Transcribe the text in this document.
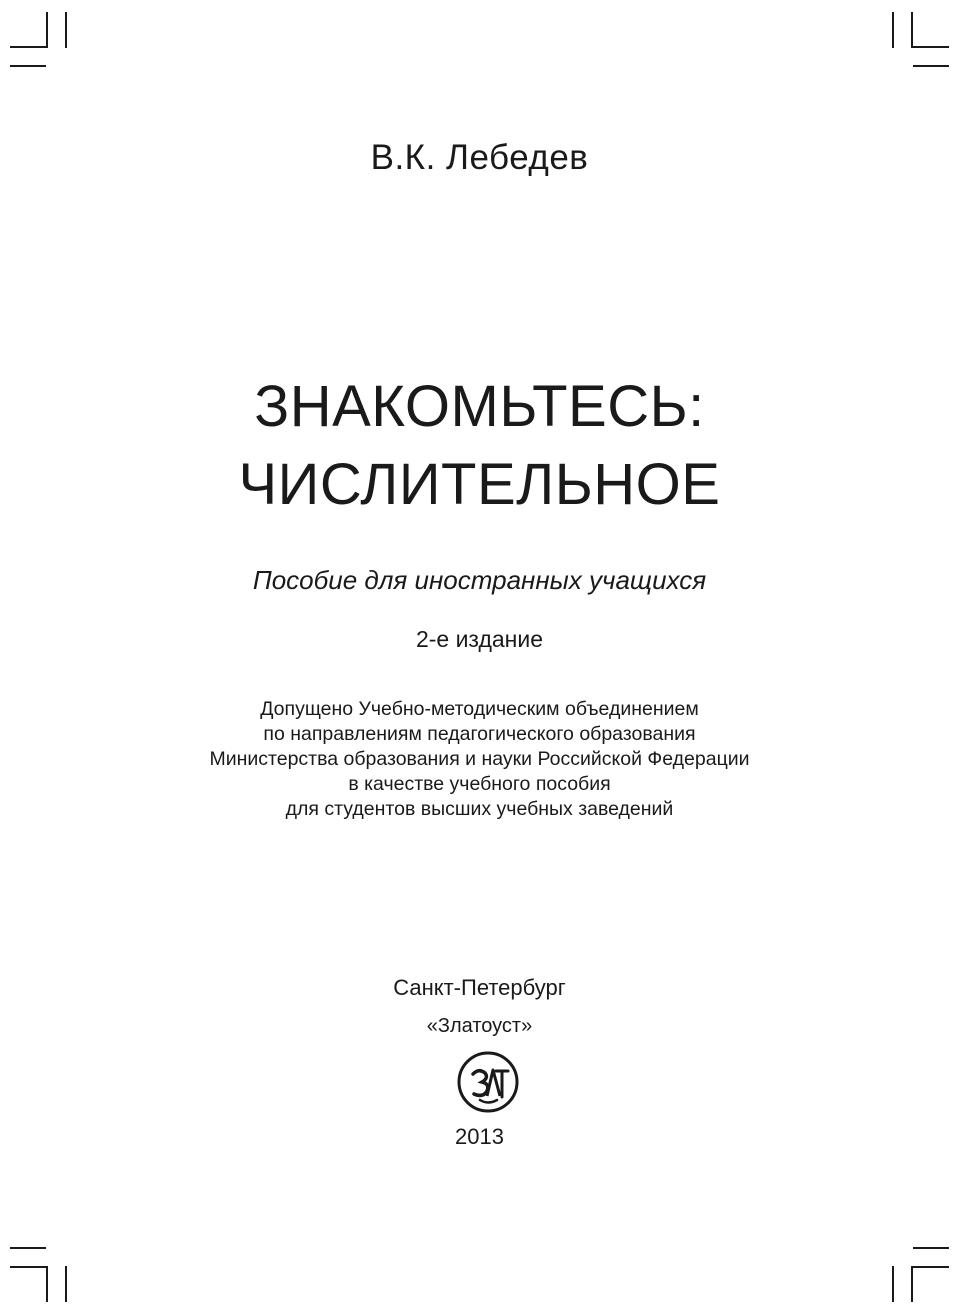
В.К. Лебедев

ЗНАКОМЬТЕСЬ:

ЧИСЛИТЕЛЬНОЕ

Пособие для иностранных учащихся

2-е издание

Допущено Учебно-методическим объединением

по направлениям педагогического образования

Министерства образования и науки Российской Федерации

в качестве учебного пособия

для студентов высших учебных заведений

Санкт-Петербург

«Златоуст»

2013
